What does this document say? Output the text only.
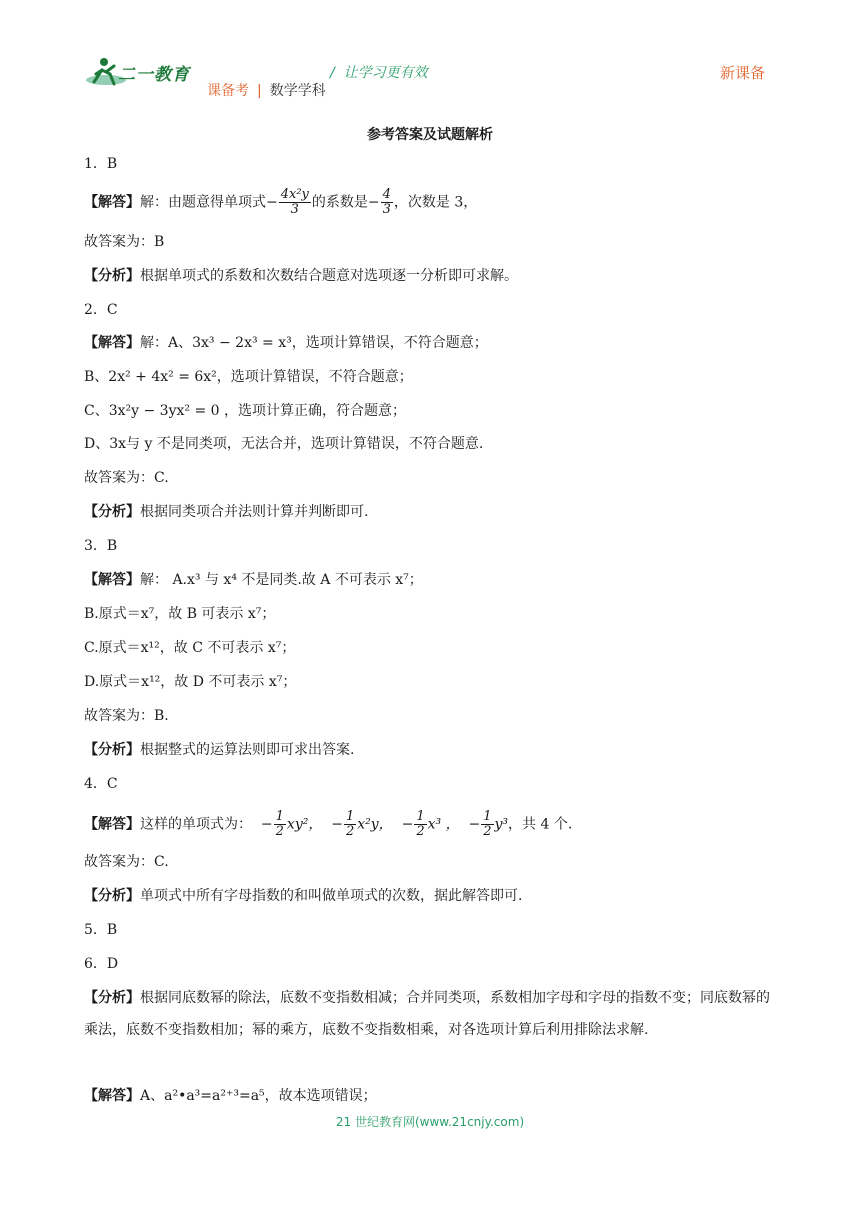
二一教育	/  让学习更有效
课备考 | 数学学科
新课备
参考答案及试题解析
1．B
【解答】解：由题意得单项式− $\frac{\text{4x²y}}{3}$ 的系数是− $\frac{4}{3}$ ，次数是 3，
故答案为：B
【分析】根据单项式的系数和次数结合题意对选项逐一分析即可求解。
2．C
【解答】解：A、3x³ − 2x³ = x³，选项计算错误，不符合题意；
B、2x² + 4x² = 6x²，选项计算错误，不符合题意；
C、3x²y − 3yx² = 0 ，选项计算正确，符合题意；
D、3x与 y 不是同类项，无法合并，选项计算错误，不符合题意.
故答案为：C.
【分析】根据同类项合并法则计算并判断即可.
3．B
【解答】解： A.x³ 与 x⁴ 不是同类.故 A 不可表示 x⁷；
B.原式＝x⁷，故 B 可表示 x⁷；
C.原式＝x¹²，故 C 不可表示 x⁷；
D.原式＝x¹²，故 D 不可表示 x⁷；
故答案为：B.
【分析】根据整式的运算法则即可求出答案.
4．C
【解答】这样的单项式为：  − $\frac{1}{2} xy^2$，  − $\frac{1}{2} x^2y$，  − $\frac{1}{2} x^3$ ，  − $\frac{1}{2} y^3$，共 4 个.
故答案为：C.
【分析】单项式中所有字母指数的和叫做单项式的次数，据此解答即可.
5．B
6．D
【分析】根据同底数幂的除法，底数不变指数相减；合并同类项，系数相加字母和字母的指数不变；同底数幂的乘法，底数不变指数相加；幂的乘方，底数不变指数相乘，对各选项计算后利用排除法求解.
【解答】A、a²•a³=a²⁺³=a⁵，故本选项错误；
21 世纪教育网(www.21cnjy.com)
